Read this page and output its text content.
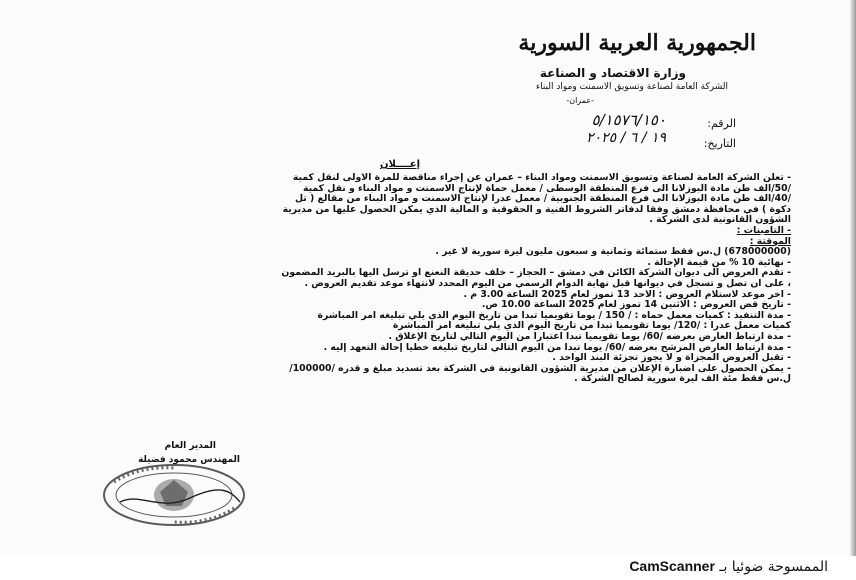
الجمهورية العربية السورية
وزارة الاقتصاد و الصناعة
الشركة العامة لصناعة وتسويق الاسمنت ومواد البناء
-عمران-
الرقم:
٥/١٥٧٦/١٥٠
التاريخ:
١٩ / ٦ / ٢٠٢٥
إعــــلان

- تعلن الشركة العامة لصناعة وتسويق الاسمنت ومواد البناء – عمران عن إجراء مناقصة للمرة الاولى لنقل كمية

/50/الف طن مادة البوزلانا الى فرع المنطقة الوسطى / معمل حماة لإنتاج الاسمنت و مواد البناء و نقل كمية

/40/الف طن مادة البوزلانا الى فرع المنطقة الجنوبية / معمل عدرا لإنتاج الاسمنت و مواد البناء من مقالع ( تل

دكوة ) في محافظة دمشق وفقاً لدفاتر الشروط الفنية و الحقوقية و المالية الذي يمكن الحصول عليها من مديرية

الشؤون القانونية لدى الشركة .

- التأمينات :

الموقتة :

(678000000) ل.س فقط ستمائة وثمانية و سبعون مليون ليرة سورية لا غير .

- نهائية 10 % من قيمة الإحالة .

- تقدم العروض الى ديوان الشركة الكائن في دمشق – الحجاز – خلف حديقة النعنع أو ترسل اليها بالبريد المضمون

، على ان تصل و تسجل في ديوانها قبل نهاية الدوام الرسمي من اليوم المحدد لانتهاء موعد تقديم العروض .

- آخر موعد لاستلام العروض : الأحد 13 تموز لعام 2025 الساعة 3.00 م .

- تاريخ فض العروض : الاثنين 14 تموز لعام 2025 الساعة 10.00 ص.

- مدة التنفيذ : كميات معمل حماه : / 150 / يوماً تقويمياً تبدأ من تاريخ اليوم الذي يلي تبليغه أمر المباشرة

كميات معمل عدرا : /120/ يوماً تقويمياً تبدأ من تاريخ اليوم الذي يلي تبليغه أمر المباشرة

- مدة ارتباط العارض بعرضه /60/ يوماً تقويمياً تبدأ اعتباراً من اليوم التالي لتاريخ الإغلاق .

- مدة ارتباط العارض المرشح بعرضه /60/ يوماً تبدأ من اليوم التالي لتاريخ تبليغه خطياً إحالة التعهد إليه .

- تقبل العروض المجزأة و لا يجوز تجزئة البند الواحد .

- يمكن الحصول على اضبارة الإعلان من مديرية الشؤون القانونية في الشركة بعد تسديد مبلغ و قدره /100000/

ل.س فقط مئة الف ليرة سورية لصالح الشركة .

المدير العام
المهندس محمود فضيلة
الممسوحة ضوئيا بـ CamScanner
